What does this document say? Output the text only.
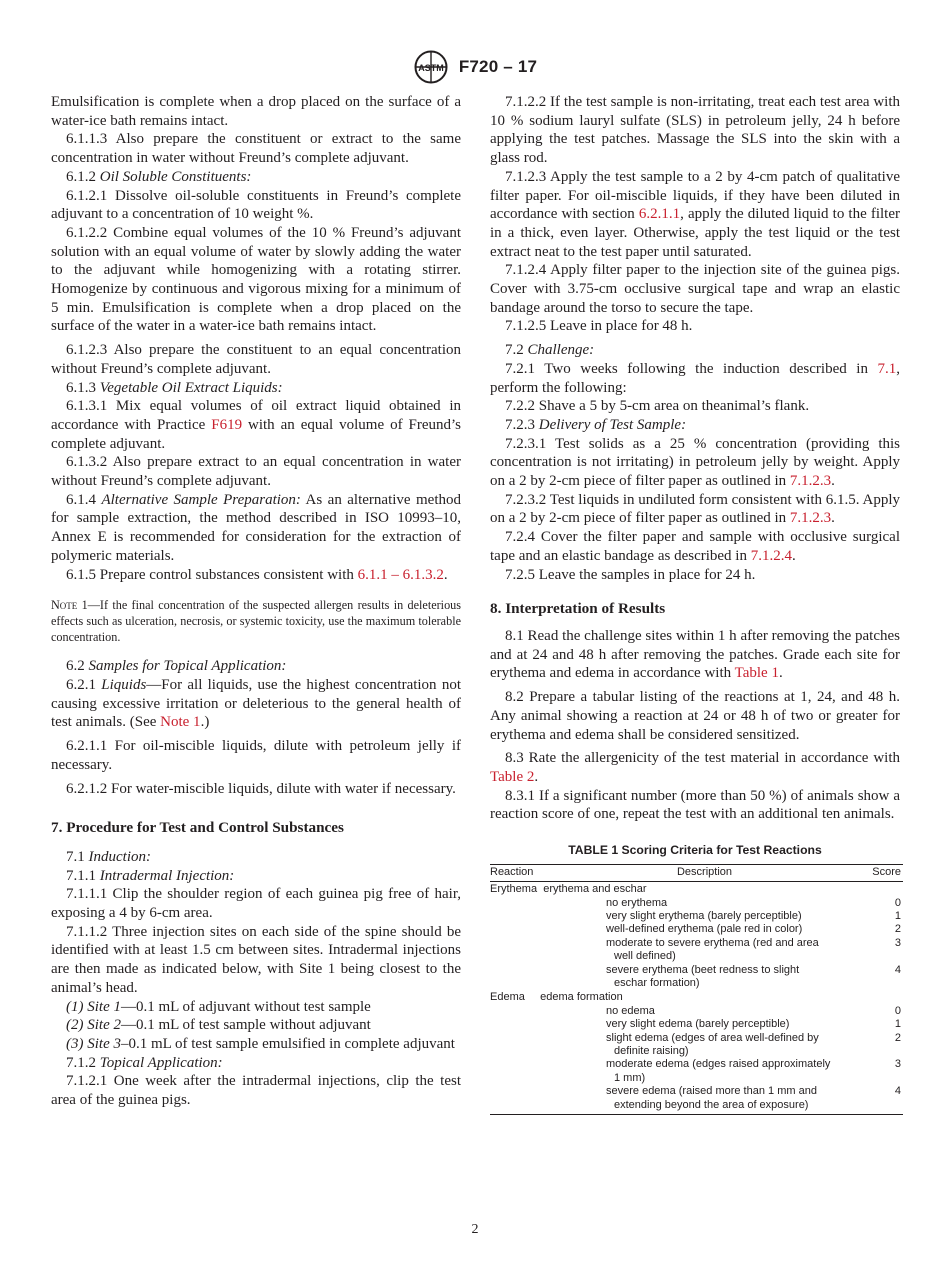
ASTM F720 – 17

Emulsification is complete when a drop placed on the surface of a water-ice bath remains intact.

6.1.1.3 Also prepare the constituent or extract to the same concentration in water without Freund’s complete adjuvant.

6.1.2 Oil Soluble Constituents:

6.1.2.1 Dissolve oil-soluble constituents in Freund’s complete adjuvant to a concentration of 10 weight %.

6.1.2.2 Combine equal volumes of the 10 % Freund’s adjuvant solution with an equal volume of water by slowly adding the water to the adjuvant while homogenizing with a rotating stirrer. Homogenize by continuous and vigorous mixing for a minimum of 5 min. Emulsification is complete when a drop placed on the surface of the water in a water-ice bath remains intact.

6.1.2.3 Also prepare the constituent to an equal concentration without Freund’s complete adjuvant.

6.1.3 Vegetable Oil Extract Liquids:

6.1.3.1 Mix equal volumes of oil extract liquid obtained in accordance with Practice F619 with an equal volume of Freund’s complete adjuvant.

6.1.3.2 Also prepare extract to an equal concentration in water without Freund’s complete adjuvant.

6.1.4 Alternative Sample Preparation: As an alternative method for sample extraction, the method described in ISO 10993–10, Annex E is recommended for consideration for the extraction of polymeric materials.

6.1.5 Prepare control substances consistent with 6.1.1 – 6.1.3.2.

Note 1—If the final concentration of the suspected allergen results in deleterious effects such as ulceration, necrosis, or systemic toxicity, use the maximum tolerable concentration.

6.2 Samples for Topical Application:

6.2.1 Liquids—For all liquids, use the highest concentration not causing excessive irritation or deleterious to the general health of test animals. (See Note 1.)

6.2.1.1 For oil-miscible liquids, dilute with petroleum jelly if necessary.

6.2.1.2 For water-miscible liquids, dilute with water if necessary.

7. Procedure for Test and Control Substances

7.1 Induction:

7.1.1 Intradermal Injection:

7.1.1.1 Clip the shoulder region of each guinea pig free of hair, exposing a 4 by 6-cm area.

7.1.1.2 Three injection sites on each side of the spine should be identified with at least 1.5 cm between sites. Intradermal injections are then made as indicated below, with Site 1 being closest to the animal’s head.

(1) Site 1—0.1 mL of adjuvant without test sample

(2) Site 2—0.1 mL of test sample without adjuvant

(3) Site 3–0.1 mL of test sample emulsified in complete adjuvant

7.1.2 Topical Application:

7.1.2.1 One week after the intradermal injections, clip the test area of the guinea pigs.

7.1.2.2 If the test sample is non-irritating, treat each test area with 10 % sodium lauryl sulfate (SLS) in petroleum jelly, 24 h before applying the test patches. Massage the SLS into the skin with a glass rod.

7.1.2.3 Apply the test sample to a 2 by 4-cm patch of qualitative filter paper. For oil-miscible liquids, if they have been diluted in accordance with section 6.2.1.1, apply the diluted liquid to the filter in a thick, even layer. Otherwise, apply the test liquid or the test extract neat to the test paper until saturated.

7.1.2.4 Apply filter paper to the injection site of the guinea pigs. Cover with 3.75-cm occlusive surgical tape and wrap an elastic bandage around the torso to secure the tape.

7.1.2.5 Leave in place for 48 h.

7.2 Challenge:

7.2.1 Two weeks following the induction described in 7.1, perform the following:

7.2.2 Shave a 5 by 5-cm area on theanimal’s flank.

7.2.3 Delivery of Test Sample:

7.2.3.1 Test solids as a 25 % concentration (providing this concentration is not irritating) in petroleum jelly by weight. Apply on a 2 by 2-cm piece of filter paper as outlined in 7.1.2.3.

7.2.3.2 Test liquids in undiluted form consistent with 6.1.5. Apply on a 2 by 2-cm piece of filter paper as outlined in 7.1.2.3.

7.2.4 Cover the filter paper and sample with occlusive surgical tape and an elastic bandage as described in 7.1.2.4.

7.2.5 Leave the samples in place for 24 h.

8. Interpretation of Results

8.1 Read the challenge sites within 1 h after removing the patches and at 24 and 48 h after removing the patches. Grade each site for erythema and edema in accordance with Table 1.

8.2 Prepare a tabular listing of the reactions at 1, 24, and 48 h. Any animal showing a reaction at 24 or 48 h of two or greater for erythema and edema shall be considered sensitized.

8.3 Rate the allergenicity of the test material in accordance with Table 2.

8.3.1 If a significant number (more than 50 %) of animals show a reaction score of one, repeat the test with an additional ten animals.

TABLE 1 Scoring Criteria for Test Reactions
Reaction	Description	Score
Erythema erythema and eschar		
	no erythema	0
	very slight erythema (barely perceptible)	1
	well-defined erythema (pale red in color)	2
	moderate to severe erythema (red and area well defined)	3
	severe erythema (beet redness to slight eschar formation)	4
Edema edema formation		
	no edema	0
	very slight edema (barely perceptible)	1
	slight edema (edges of area well-defined by definite raising)	2
	moderate edema (edges raised approximately 1 mm)	3
	severe edema (raised more than 1 mm and extending beyond the area of exposure)	4
2
